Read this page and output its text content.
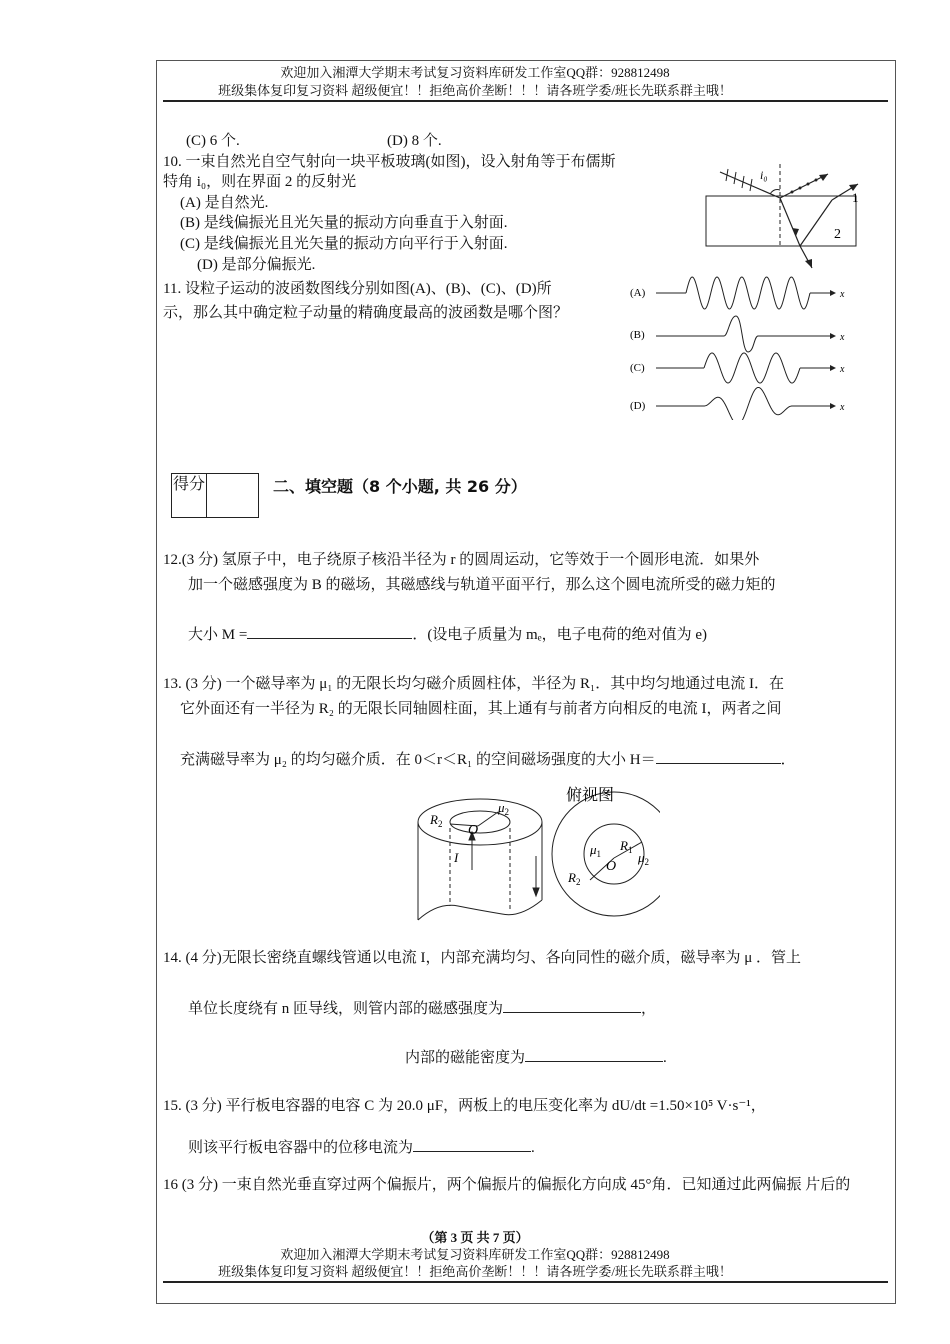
欢迎加入湘潭大学期末考试复习资料库研发工作室QQ群：928812498
班级集体复印复习资料 超级便宜！！拒绝高价垄断！！！请各班学委/班长先联系群主哦！
(C) 6 个.	(D) 8 个.
10. 一束自然光自空气射向一块平板玻璃(如图)，设入射角等于布儒斯
特角 i₀，则在界面 2 的反射光
(A) 是自然光.
(B) 是线偏振光且光矢量的振动方向垂直于入射面.
(C) 是线偏振光且光矢量的振动方向平行于入射面.
(D) 是部分偏振光.
i₀
1
2
11. 设粒子运动的波函数图线分别如图(A)、(B)、(C)、(D)所
示，那么其中确定粒子动量的精确度最高的波函数是哪个图？
(A)	x
(B)	x
(C)	x
(D)	x
得分	二、填空题（8 个小题, 共 26 分）
12.(3 分) 氢原子中，电子绕原子核沿半径为 r 的圆周运动，它等效于一个圆形电流．如果外
加一个磁感强度为 B 的磁场，其磁感线与轨道平面平行，那么这个圆电流所受的磁力矩的
大小 M =	．(设电子质量为 mₑ，电子电荷的绝对值为 e)
13. (3 分) 一个磁导率为 μ₁ 的无限长均匀磁介质圆柱体，半径为 R₁．其中均匀地通过电流 I．在
它外面还有一半径为 R₂ 的无限长同轴圆柱面，其上通有与前者方向相反的电流 I，两者之间
充满磁导率为 μ₂ 的均匀磁介质．在 0＜r＜R₁ 的空间磁场强度的大小 H＝	．
$R_2$ O
$\mu_2$
I
俯视图
$\mu_1$
$R_1$ $\mu_2$
O
$R_2$
14. (4 分)无限长密绕直螺线管通以电流 I，内部充满均匀、各向同性的磁介质，磁导率为 μ ．管上
单位长度绕有 n 匝导线，则管内部的磁感强度为	，
内部的磁能密度为	.
15. (3 分) 平行板电容器的电容 C 为 20.0 μF，两板上的电压变化率为 dU/dt =1.50×10⁵ V·s⁻¹，
则该平行板电容器中的位移电流为	.
16 (3 分) 一束自然光垂直穿过两个偏振片，两个偏振片的偏振化方向成 45°角．已知通过此两偏振 片后的
（第 3 页 共 7 页）
欢迎加入湘潭大学期末考试复习资料库研发工作室QQ群：928812498
班级集体复印复习资料 超级便宜！！拒绝高价垄断！！！请各班学委/班长先联系群主哦！
